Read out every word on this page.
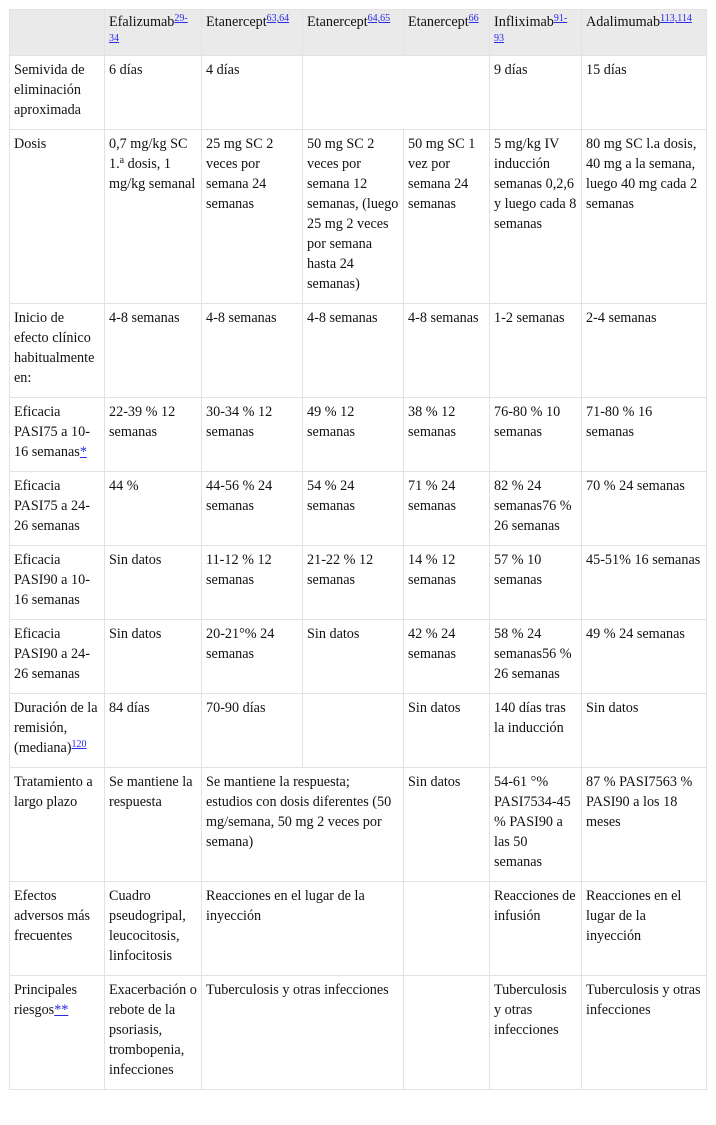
	Efalizumab$^{29-34}$	Etanercept$^{63,64}$	Etanercept$^{64,65}$	Etanercept$^{66}$	Infliximab$^{91-93}$	Adalimumab$^{113,114}$
Semivida de eliminación aproximada	6 días	4 días			9 días	15 días
Dosis	0,7 mg/kg SC 1.$^a$ dosis, 1 mg/kg semanal	25 mg SC 2 veces por semana 24 semanas	50 mg SC 2 veces por semana 12 semanas, (luego 25 mg 2 veces por semana hasta 24 semanas)	50 mg SC 1 vez por semana 24 semanas	5 mg/kg IV inducción semanas 0,2,6 y luego cada 8 semanas	80 mg SC l.a dosis, 40 mg a la semana, luego 40 mg cada 2 semanas
Inicio de efecto clínico habitualmente en:	4-8 semanas	4-8 semanas	4-8 semanas	4-8 semanas	1-2 semanas	2-4 semanas
Eficacia PASI75 a 10-16 semanas*	22-39 % 12 semanas	30-34 % 12 semanas	49 % 12 semanas	38 % 12 semanas	76-80 % 10 semanas	71-80 % 16 semanas
Eficacia PASI75 a 24-26 semanas	44 %	44-56 % 24 semanas	54 % 24 semanas	71 % 24 semanas	82 % 24 semanas76 % 26 semanas	70 % 24 semanas
Eficacia PASI90 a 10-16 semanas	Sin datos	11-12 % 12 semanas	21-22 % 12 semanas	14 % 12 semanas	57 % 10 semanas	45-51% 16 semanas
Eficacia PASI90 a 24-26 semanas	Sin datos	20-21°% 24 semanas	Sin datos	42 % 24 semanas	58 % 24 semanas56 % 26 semanas	49 % 24 semanas
Duración de la remisión, (mediana)$^{120}$	84 días	70-90 días		Sin datos	140 días tras la inducción	Sin datos
Tratamiento a largo plazo	Se mantiene la respuesta	Se mantiene la respuesta; estudios con dosis diferentes (50 mg/semana, 50 mg 2 veces por semana)		Sin datos	54-61 °% PASI7534-45 % PASI90 a las 50 semanas	87 % PASI7563 % PASI90 a los 18 meses
Efectos adversos más frecuentes	Cuadro pseudogripal, leucocitosis, linfocitosis	Reacciones en el lugar de la inyección			Reacciones de infusión	Reacciones en el lugar de la inyección
Principales riesgos**	Exacerbación o rebote de la psoriasis, trombopenia, infecciones	Tuberculosis y otras infecciones			Tuberculosis y otras infecciones	Tuberculosis y otras infecciones
